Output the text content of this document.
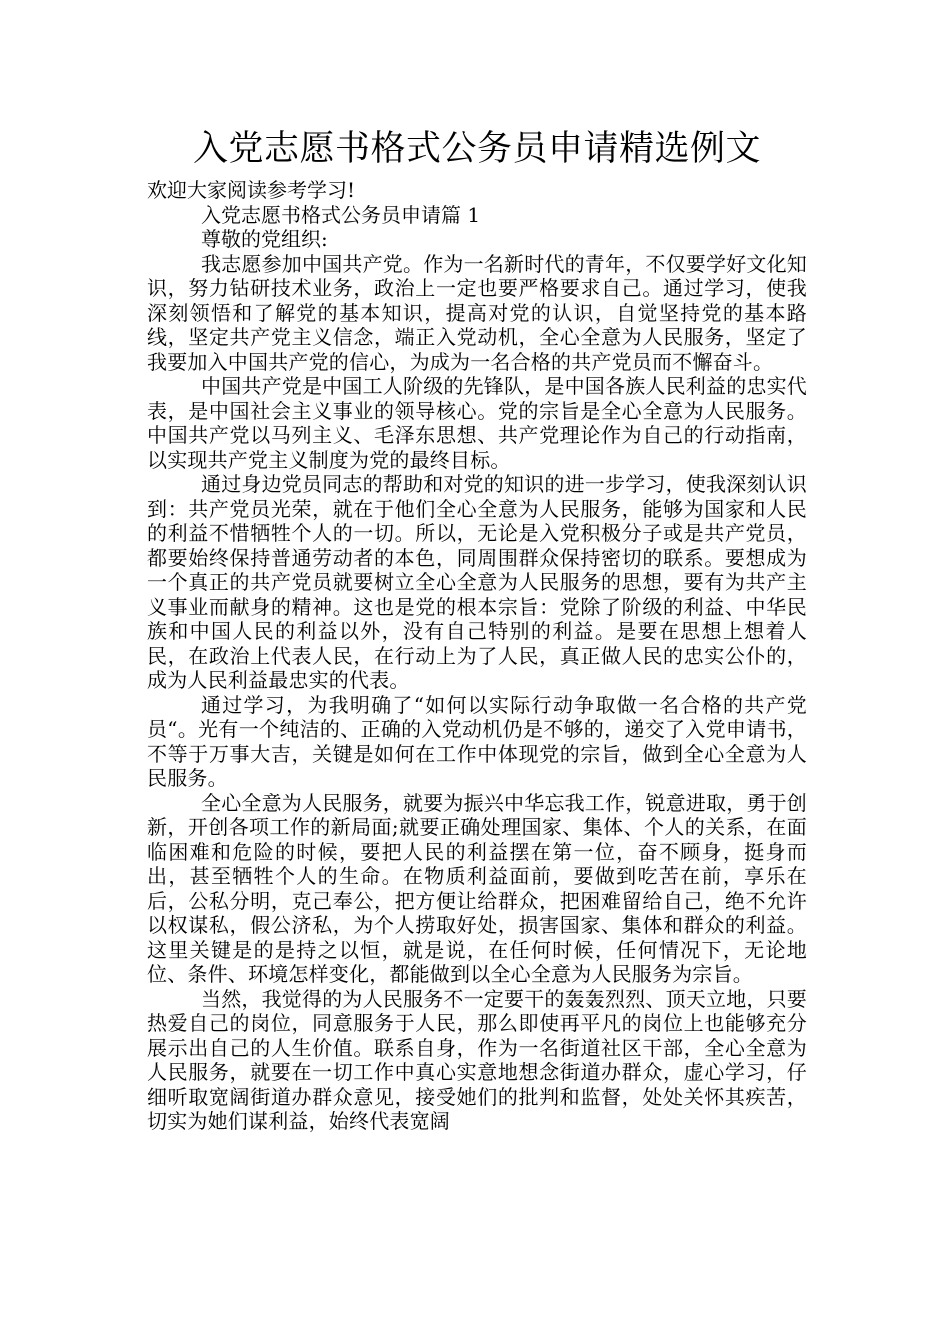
入党志愿书格式公务员申请精选例文

欢迎大家阅读参考学习!

入党志愿书格式公务员申请篇 1

尊敬的党组织:

我志愿参加中国共产党。作为一名新时代的青年，不仅要学好文化知识，努力钻研技术业务，政治上一定也要严格要求自己。通过学习，使我深刻领悟和了解党的基本知识，提高对党的认识，自觉坚持党的基本路线，坚定共产党主义信念，端正入党动机，全心全意为人民服务，坚定了我要加入中国共产党的信心，为成为一名合格的共产党员而不懈奋斗。

中国共产党是中国工人阶级的先锋队，是中国各族人民利益的忠实代表，是中国社会主义事业的领导核心。党的宗旨是全心全意为人民服务。中国共产党以马列主义、毛泽东思想、共产党理论作为自己的行动指南，以实现共产党主义制度为党的最终目标。

通过身边党员同志的帮助和对党的知识的进一步学习，使我深刻认识到：共产党员光荣，就在于他们全心全意为人民服务，能够为国家和人民的利益不惜牺牲个人的一切。所以，无论是入党积极分子或是共产党员，都要始终保持普通劳动者的本色，同周围群众保持密切的联系。要想成为一个真正的共产党员就要树立全心全意为人民服务的思想，要有为共产主义事业而献身的精神。这也是党的根本宗旨：党除了阶级的利益、中华民族和中国人民的利益以外，没有自己特别的利益。是要在思想上想着人民，在政治上代表人民，在行动上为了人民，真正做人民的忠实公仆的，成为人民利益最忠实的代表。

通过学习，为我明确了“如何以实际行动争取做一名合格的共产党员“。光有一个纯洁的、正确的入党动机仍是不够的，递交了入党申请书，不等于万事大吉，关键是如何在工作中体现党的宗旨，做到全心全意为人民服务。

全心全意为人民服务，就要为振兴中华忘我工作，锐意进取，勇于创新，开创各项工作的新局面;就要正确处理国家、集体、个人的关系，在面临困难和危险的时候，要把人民的利益摆在第一位，奋不顾身，挺身而出，甚至牺牲个人的生命。在物质利益面前，要做到吃苦在前，享乐在后，公私分明，克己奉公，把方便让给群众，把困难留给自己，绝不允许以权谋私，假公济私，为个人捞取好处，损害国家、集体和群众的利益。这里关键是的是持之以恒，就是说，在任何时候，任何情况下，无论地位、条件、环境怎样变化，都能做到以全心全意为人民服务为宗旨。

当然，我觉得的为人民服务不一定要干的轰轰烈烈、顶天立地，只要热爱自己的岗位，同意服务于人民，那么即使再平凡的岗位上也能够充分展示出自己的人生价值。联系自身，作为一名街道社区干部，全心全意为人民服务，就要在一切工作中真心实意地想念街道办群众，虚心学习，仔细听取宽阔街道办群众意见，接受她们的批判和监督，处处关怀其疾苦，切实为她们谋利益，始终代表宽阔
